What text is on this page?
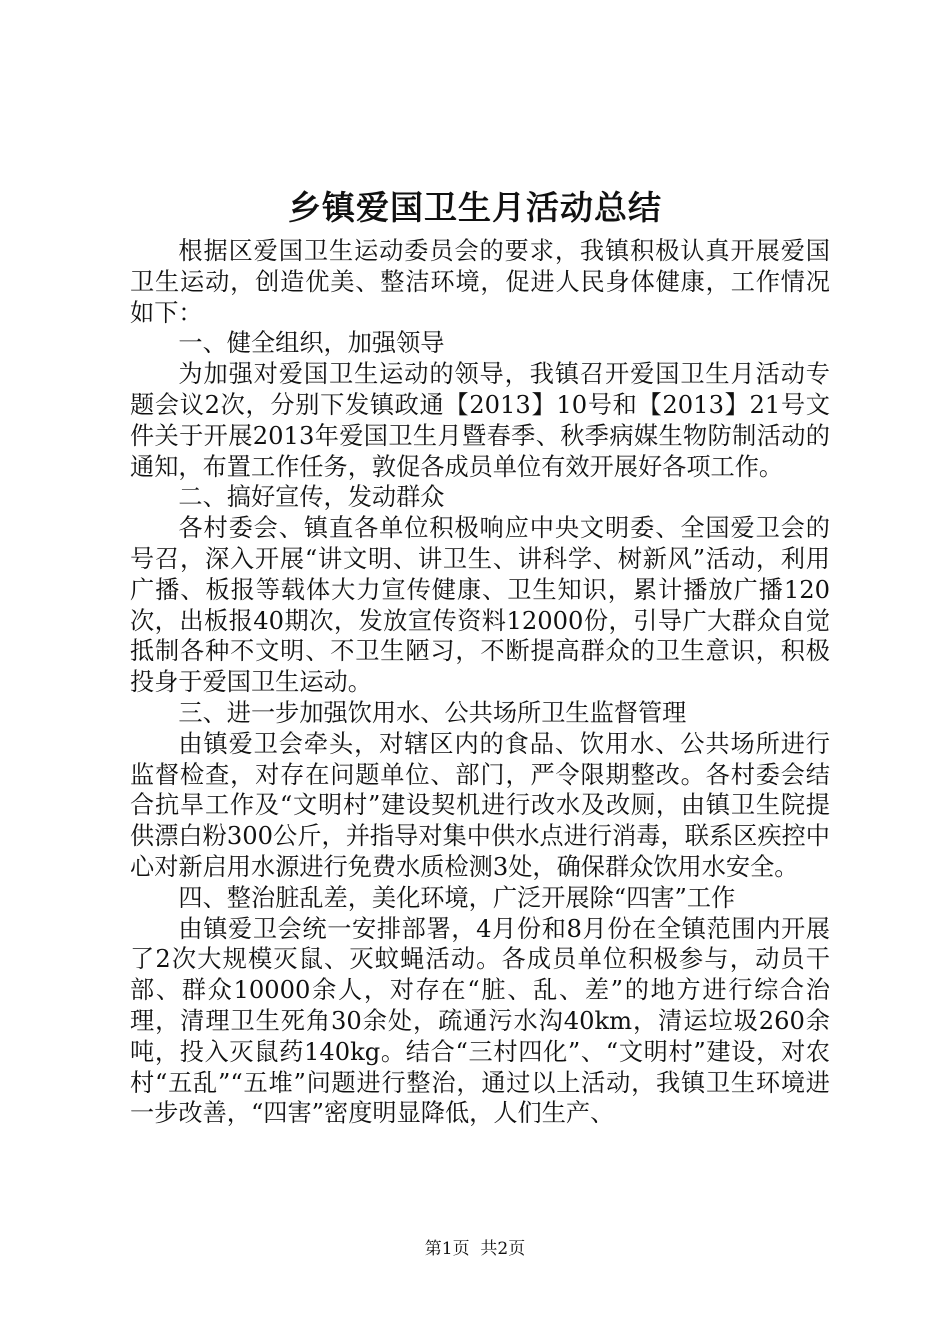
乡镇爱国卫生月活动总结

根据区爱国卫生运动委员会的要求，我镇积极认真开展爱国卫生运动，创造优美、整洁环境，促进人民身体健康，工作情况如下：

一、健全组织，加强领导

为加强对爱国卫生运动的领导，我镇召开爱国卫生月活动专题会议2次，分别下发镇政通【2013】10号和【2013】21号文件关于开展2013年爱国卫生月暨春季、秋季病媒生物防制活动的通知，布置工作任务，敦促各成员单位有效开展好各项工作。

二、搞好宣传，发动群众

各村委会、镇直各单位积极响应中央文明委、全国爱卫会的号召，深入开展“讲文明、讲卫生、讲科学、树新风”活动，利用广播、板报等载体大力宣传健康、卫生知识，累计播放广播120次，出板报40期次，发放宣传资料12000份，引导广大群众自觉抵制各种不文明、不卫生陋习，不断提高群众的卫生意识，积极投身于爱国卫生运动。

三、进一步加强饮用水、公共场所卫生监督管理

由镇爱卫会牵头，对辖区内的食品、饮用水、公共场所进行监督检查，对存在问题单位、部门，严令限期整改。各村委会结合抗旱工作及“文明村”建设契机进行改水及改厕，由镇卫生院提供漂白粉300公斤，并指导对集中供水点进行消毒，联系区疾控中心对新启用水源进行免费水质检测3处，确保群众饮用水安全。

四、整治脏乱差，美化环境，广泛开展除“四害”工作

由镇爱卫会统一安排部署，4月份和8月份在全镇范围内开展了2次大规模灭鼠、灭蚊蝇活动。各成员单位积极参与，动员干部、群众10000余人，对存在“脏、乱、差”的地方进行综合治理，清理卫生死角30余处，疏通污水沟40km，清运垃圾260余吨，投入灭鼠药140kg。结合“三村四化”、“文明村”建设，对农村“五乱”“五堆”问题进行整治，通过以上活动，我镇卫生环境进一步改善，“四害”密度明显降低，人们生产、

第1页  共2页
